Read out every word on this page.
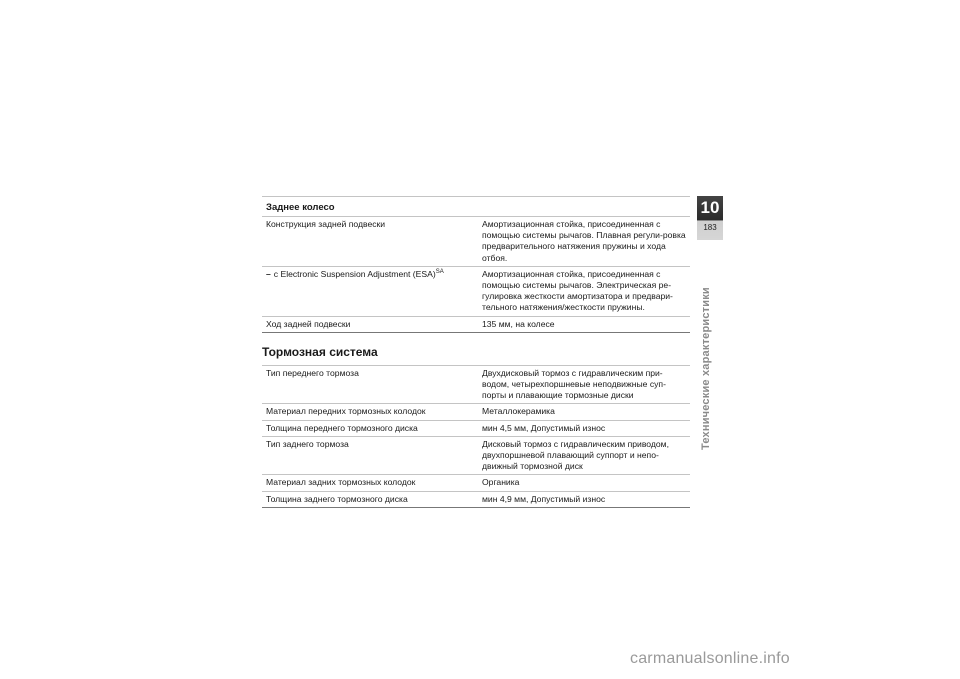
Заднее колесо
Конструкция задней подвески	Амортизационная стойка, присоединенная с помощью системы рычагов. Плавная регули-ровка предварительного натяжения пружины и хода отбоя.
– с Electronic Suspension Adjustment (ESA)$^{SA}$	Амортизационная стойка, присоединенная с помощью системы рычагов. Электрическая ре-гулировка жесткости амортизатора и предвари-тельного натяжения/жесткости пружины.
Ход задней подвески	135 мм, на колесе
Тормозная система
Тип переднего тормоза	Двухдисковый тормоз с гидравлическим при-водом, четырехпоршневые неподвижные суп-порты и плавающие тормозные диски
Материал передних тормозных колодок	Металлокерамика
Толщина переднего тормозного диска	мин 4,5 мм, Допустимый износ
Тип заднего тормоза	Дисковый тормоз с гидравлическим приводом, двухпоршневой плавающий суппорт и непо-движный тормозной диск
Материал задних тормозных колодок	Органика
Толщина заднего тормозного диска	мин 4,9 мм, Допустимый износ
10
183
Технические характеристики
carmanualsonline.info
